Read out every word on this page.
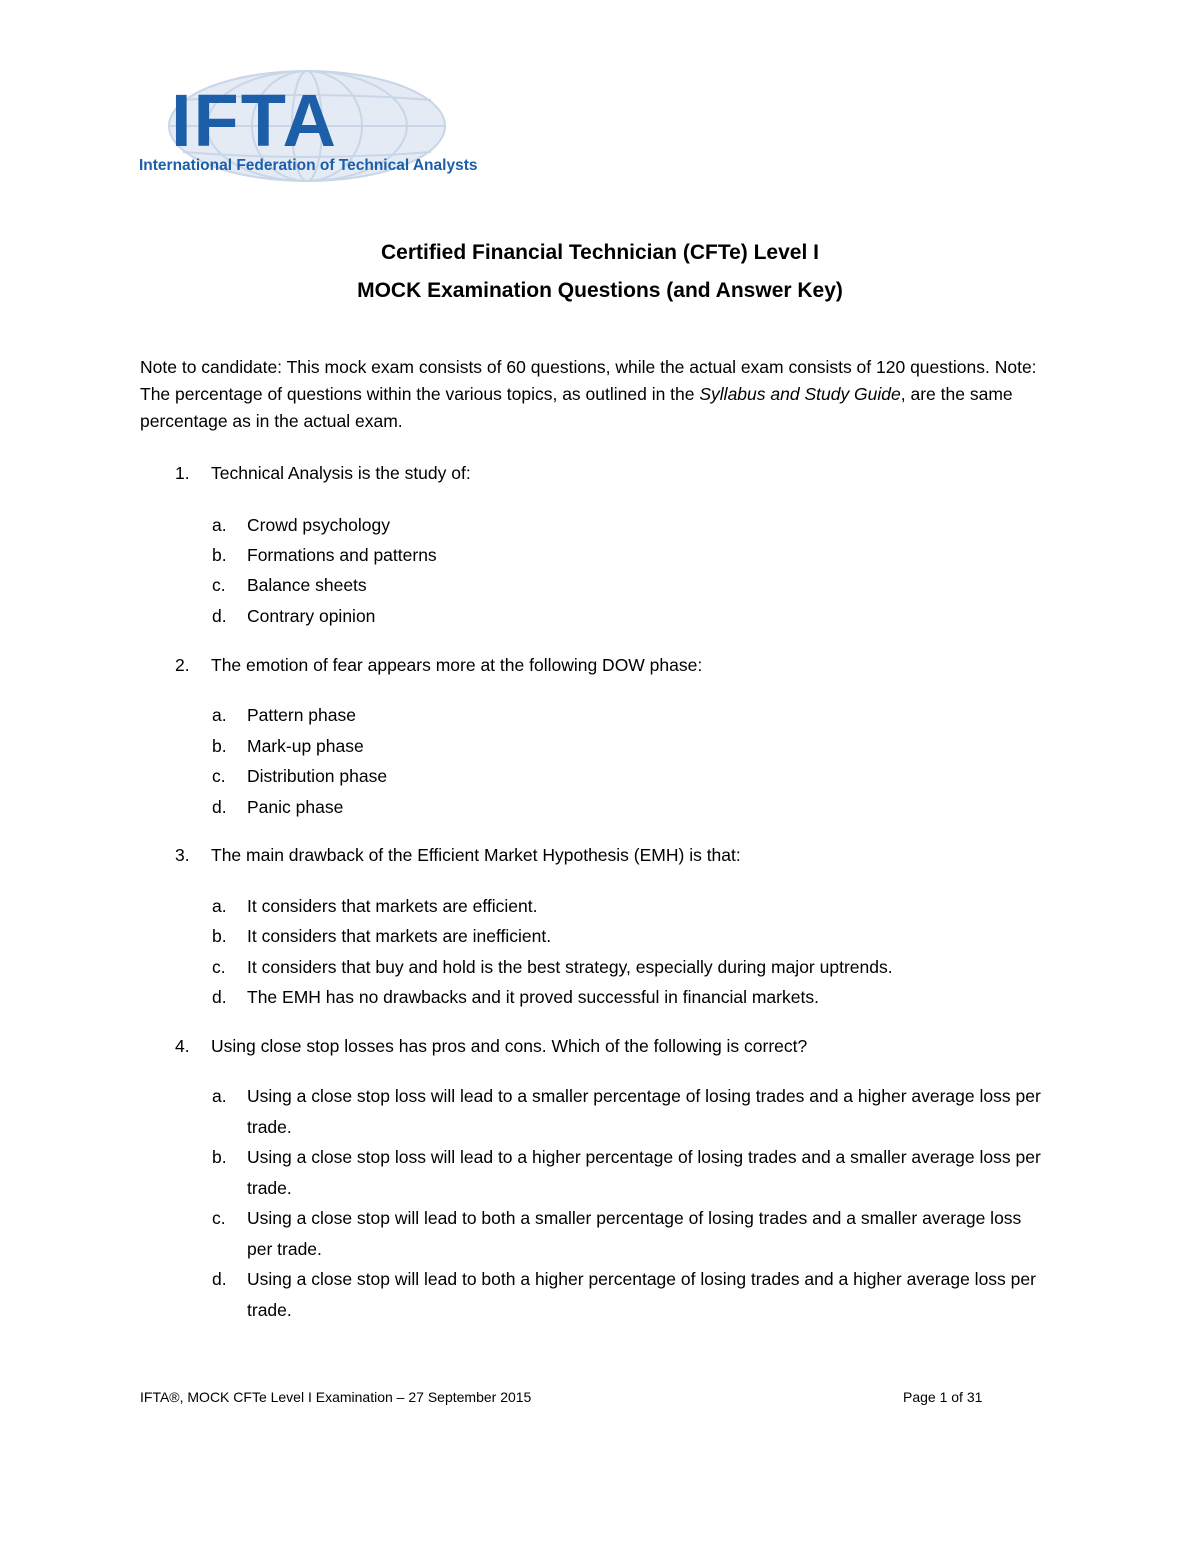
IFTA
International Federation of Technical Analysts
Certified Financial Technician (CFTe) Level I
MOCK Examination Questions (and Answer Key)
Note to candidate: This mock exam consists of 60 questions, while the actual exam consists of 120 questions. Note: The percentage of questions within the various topics, as outlined in the Syllabus and Study Guide, are the same percentage as in the actual exam.
1.	Technical Analysis is the study of:
a.	Crowd psychology
b.	Formations and patterns
c.	Balance sheets
d.	Contrary opinion
2.	The emotion of fear appears more at the following DOW phase:
a.	Pattern phase
b.	Mark-up phase
c.	Distribution phase
d.	Panic phase
3.	The main drawback of the Efficient Market Hypothesis (EMH) is that:
a.	It considers that markets are efficient.
b.	It considers that markets are inefficient.
c.	It considers that buy and hold is the best strategy, especially during major uptrends.
d.	The EMH has no drawbacks and it proved successful in financial markets.
4.	Using close stop losses has pros and cons. Which of the following is correct?
a.	Using a close stop loss will lead to a smaller percentage of losing trades and a higher average loss per trade.
b.	Using a close stop loss will lead to a higher percentage of losing trades and a smaller average loss per trade.
c.	Using a close stop will lead to both a smaller percentage of losing trades and a smaller average loss per trade.
d.	Using a close stop will lead to both a higher percentage of losing trades and a higher average loss per trade.
IFTA®, MOCK CFTe Level I Examination – 27 September 2015	Page 1 of 31
